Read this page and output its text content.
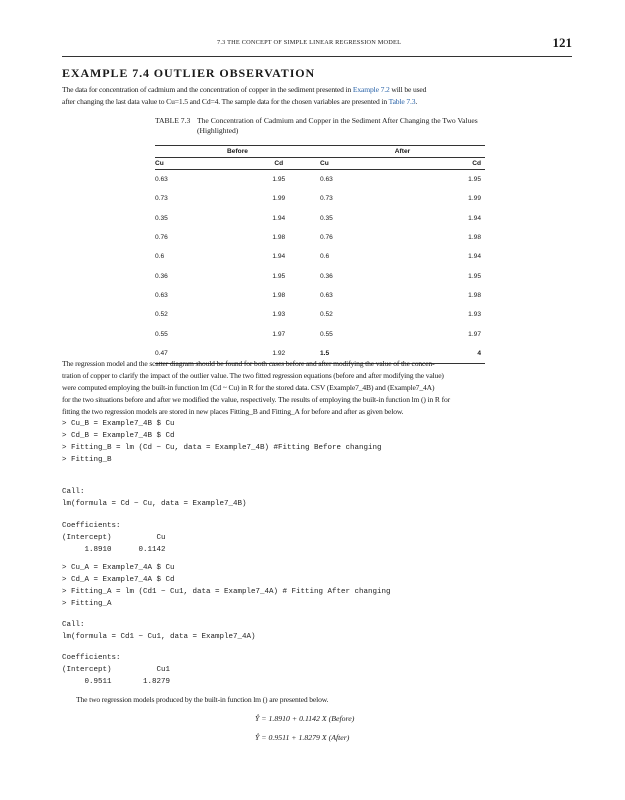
7.3 THE CONCEPT OF SIMPLE LINEAR REGRESSION MODEL	121
EXAMPLE 7.4 OUTLIER OBSERVATION
The data for concentration of cadmium and the concentration of copper in the sediment presented in Example 7.2 will be used
after changing the last data value to Cu=1.5 and Cd=4. The sample data for the chosen variables are presented in Table 7.3.
TABLE 7.3 The Concentration of Cadmium and Copper in the Sediment After Changing the Two Values (Highlighted)
Before		After	
Cu	Cd	Cu	Cd
0.63	1.95	0.63	1.95
0.73	1.99	0.73	1.99
0.35	1.94	0.35	1.94
0.76	1.98	0.76	1.98
0.6	1.94	0.6	1.94
0.36	1.95	0.36	1.95
0.63	1.98	0.63	1.98
0.52	1.93	0.52	1.93
0.55	1.97	0.55	1.97
0.47	1.92	1.5	4
The regression model and the scatter diagram should be found for both cases before and after modifying the value of the concen-
tration of copper to clarify the impact of the outlier value. The two fitted regression equations (before and after modifying the value)
were computed employing the built-in function lm (Cd ~ Cu) in R for the stored data. CSV (Example7_4B) and (Example7_4A)
for the two situations before and after we modified the value, respectively. The results of employing the built-in function lm () in R for
fitting the two regression models are stored in new places Fitting_B and Fitting_A for before and after as given below.
> Cu_B = Example7_4B $ Cu
> Cd_B = Example7_4B $ Cd
> Fitting_B = lm (Cd ~ Cu, data = Example7_4B) #Fitting Before changing
> Fitting_B
Call:
lm(formula = Cd ~ Cu, data = Example7_4B)
Coefficients:
(Intercept)          Cu
1.8910      0.1142
> Cu_A = Example7_4A $ Cu
> Cd_A = Example7_4A $ Cd
> Fitting_A = lm (Cd1 ~ Cu1, data = Example7_4A) # Fitting After changing
> Fitting_A
Call:
lm(formula = Cd1 ~ Cu1, data = Example7_4A)
Coefficients:
(Intercept)          Cu1
0.9511       1.8279
The two regression models produced by the built-in function lm () are presented below.
Ŷ = 1.8910 + 0.1142 X (Before)
Ŷ = 0.9511 + 1.8279 X (After)
